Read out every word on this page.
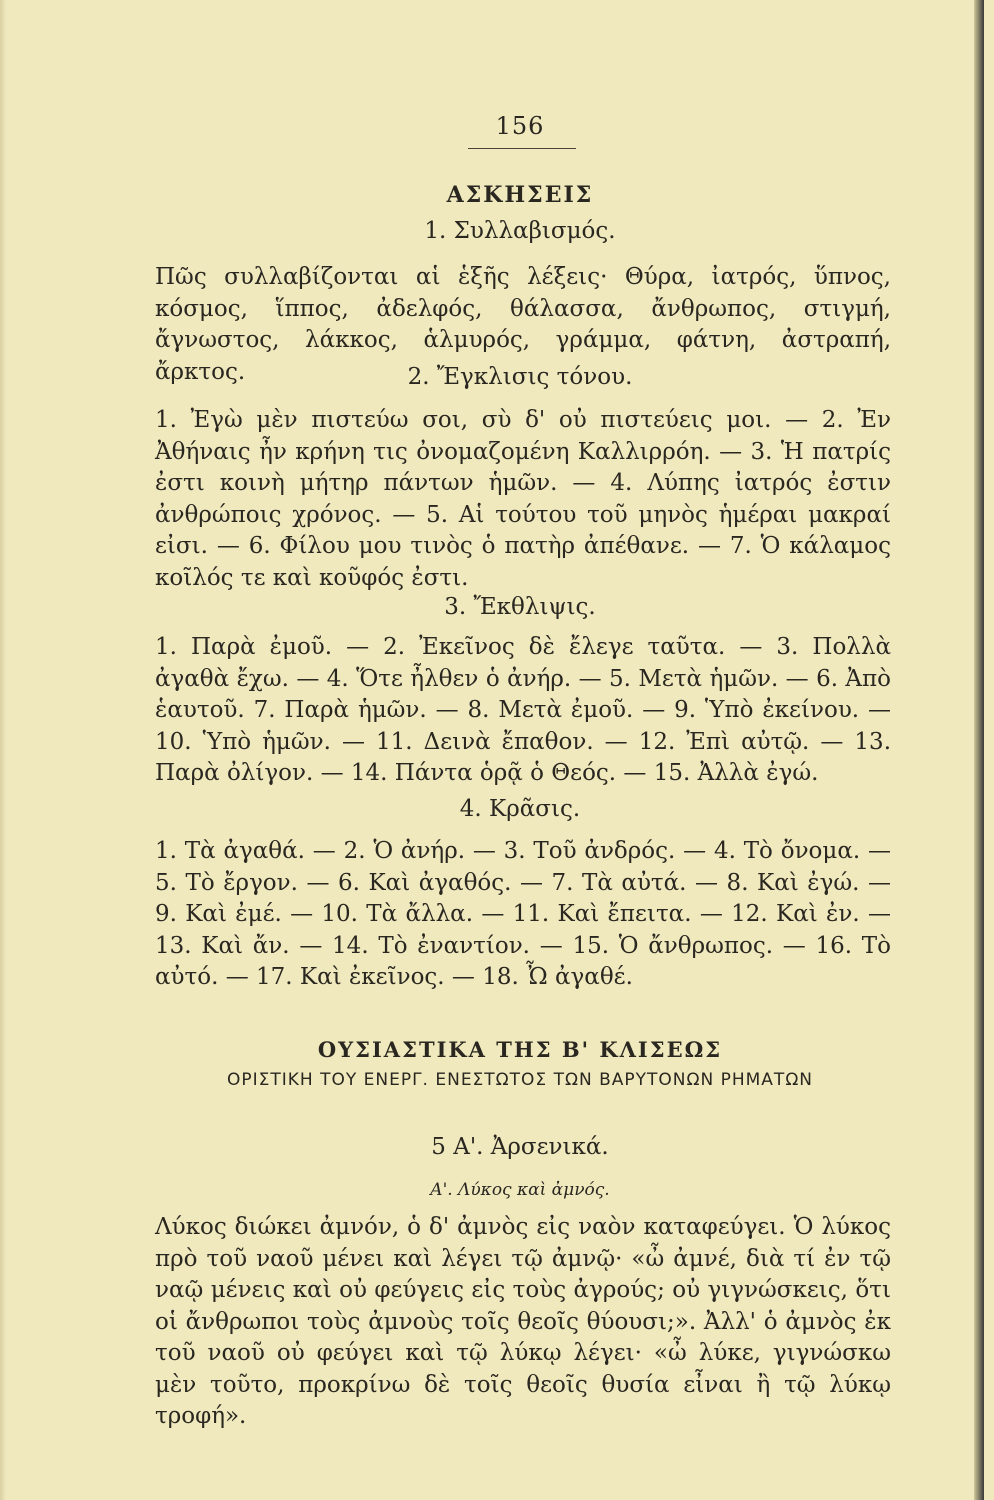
156
ΑΣΚΗΣΕΙΣ
1. Συλλαβισμός.

Πῶς συλλαβίζονται αἱ ἑξῆς λέξεις· Θύρα, ἰατρός, ὕπνος, κόσμος, ἵππος, ἀδελφός, θάλασσα, ἄνθρωπος, στιγμή, ἄγνωστος, λάκκος, ἁλμυρός, γράμμα, φάτνη, ἀστραπή, ἄρκτος.	2. Ἔγκλισις τόνου.

1. Ἐγὼ μὲν πιστεύω σοι, σὺ δ' οὐ πιστεύεις μοι. — 2. Ἐν Ἀθήναις ἦν κρήνη τις ὀνομαζομένη Καλλιρρόη. — 3. Ἡ πατρίς ἐστι κοινὴ μήτηρ πάντων ἡμῶν. — 4. Λύπης ἰατρός ἐστιν ἀνθρώποις χρόνος. — 5. Αἱ τούτου τοῦ μηνὸς ἡμέραι μακραί εἰσι. — 6. Φίλου μου τινὸς ὁ πατὴρ ἀπέθανε. — 7. Ὁ κάλαμος κοῖλός τε καὶ κοῦφός ἐστι.

3. Ἔκθλιψις.

1. Παρὰ ἐμοῦ. — 2. Ἐκεῖνος δὲ ἔλεγε ταῦτα. — 3. Πολλὰ ἀγαθὰ ἔχω. — 4. Ὅτε ἦλθεν ὁ ἀνήρ. — 5. Μετὰ ἡμῶν. — 6. Ἀπὸ ἑαυτοῦ. 7. Παρὰ ἡμῶν. — 8. Μετὰ ἐμοῦ. — 9. Ὑπὸ ἐκείνου. — 10. Ὑπὸ ἡμῶν. — 11. Δεινὰ ἔπαθον. — 12. Ἐπὶ αὐτῷ. — 13. Παρὰ ὀλίγον. — 14. Πάντα ὁρᾷ ὁ Θεός. — 15. Ἀλλὰ ἐγώ.

4. Κρᾶσις.

1. Τὰ ἀγαθά. — 2. Ὁ ἀνήρ. — 3. Τοῦ ἀνδρός. — 4. Τὸ ὄνομα. — 5. Τὸ ἔργον. — 6. Καὶ ἀγαθός. — 7. Τὰ αὐτά. — 8. Καὶ ἐγώ. — 9. Καὶ ἐμέ. — 10. Τὰ ἄλλα. — 11. Καὶ ἔπειτα. — 12. Καὶ ἐν. — 13. Καὶ ἄν. — 14. Τὸ ἐναντίον. — 15. Ὁ ἄνθρωπος. — 16. Τὸ αὐτό. — 17. Καὶ ἐκεῖνος. — 18. Ὦ ἀγαθέ.

ΟΥΣΙΑΣΤΙΚΑ ΤΗΣ Β' ΚΛΙΣΕΩΣ
ΟΡΙΣΤΙΚΗ ΤΟΥ ΕΝΕΡΓ. ΕΝΕΣΤΩΤΟΣ ΤΩΝ ΒΑΡΥΤΟΝΩΝ ΡΗΜΑΤΩΝ
5 Α'. Ἀρσενικά.
Α'. Λύκος καὶ ἀμνός.

Λύκος διώκει ἀμνόν, ὁ δ' ἀμνὸς εἰς ναὸν καταφεύγει. Ὁ λύκος πρὸ τοῦ ναοῦ μένει καὶ λέγει τῷ ἀμνῷ· «ὦ ἀμνέ, διὰ τί ἐν τῷ ναῷ μένεις καὶ οὐ φεύγεις εἰς τοὺς ἀγρούς; οὐ γιγνώσκεις, ὅτι οἱ ἄνθρωποι τοὺς ἀμνοὺς τοῖς θεοῖς θύουσι;». Ἀλλ' ὁ ἀμνὸς ἐκ τοῦ ναοῦ οὐ φεύγει καὶ τῷ λύκῳ λέγει· «ὦ λύκε, γιγνώσκω μὲν τοῦτο, προκρίνω δὲ τοῖς θεοῖς θυσία εἶναι ἢ τῷ λύκῳ τροφή».
